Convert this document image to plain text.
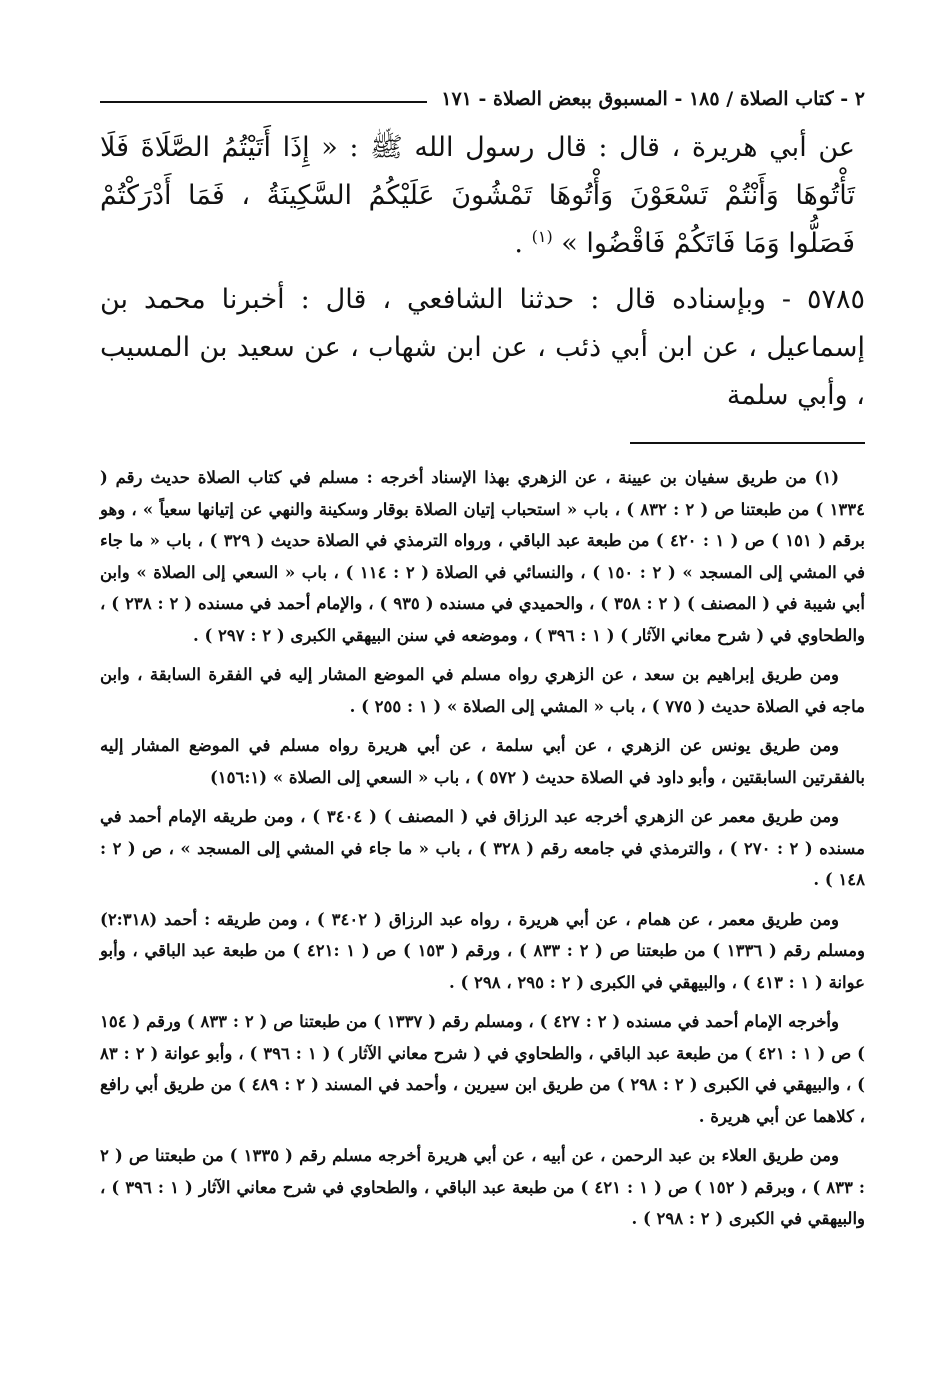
٢ - كتاب الصلاة / ١٨٥ - المسبوق ببعض الصلاة - ١٧١

عن أبي هريرة ، قال : قال رسول الله ﷺ : « إِذَا أَتَيْتُمُ الصَّلَاةَ فَلَا تَأْتُوهَا وَأَنْتُمْ تَسْعَوْنَ وَأْتُوهَا تَمْشُونَ عَلَيْكُمُ السَّكِينَةُ ، فَمَا أَدْرَكْتُمْ فَصَلُّوا وَمَا فَاتَكُمْ فَاقْضُوا » $^{(١)}$ .

٥٧٨٥ - وبإسناده قال : حدثنا الشافعي ، قال : أخبرنا محمد بن إسماعيل ، عن ابن أبي ذئب ، عن ابن شهاب ، عن سعيد بن المسيب ، وأبي سلمة

(١) من طريق سفيان بن عيينة ، عن الزهري بهذا الإسناد أخرجه : مسلم في كتاب الصلاة حديث رقم ( ١٣٣٤ ) من طبعتنا ص ( ٢ : ٨٣٢ ) ، باب « استحباب إتيان الصلاة بوقار وسكينة والنهي عن إتيانها سعياً » ، وهو برقم ( ١٥١ ) ص ( ١ : ٤٢٠ ) من طبعة عبد الباقي ، ورواه الترمذي في الصلاة حديث ( ٣٢٩ ) ، باب « ما جاء في المشي إلى المسجد » ( ٢ : ١٥٠ ) ، والنسائي في الصلاة ( ٢ : ١١٤ ) ، باب « السعي إلى الصلاة » وابن أبي شيبة في ( المصنف ) ( ٢ : ٣٥٨ ) ، والحميدي في مسنده ( ٩٣٥ ) ، والإمام أحمد في مسنده ( ٢ : ٢٣٨ ) ، والطحاوي في ( شرح معاني الآثار ) ( ١ : ٣٩٦ ) ، وموضعه في سنن البيهقي الكبرى ( ٢ : ٢٩٧ ) .

ومن طريق إبراهيم بن سعد ، عن الزهري رواه مسلم في الموضع المشار إليه في الفقرة السابقة ، وابن ماجه في الصلاة حديث ( ٧٧٥ ) ، باب « المشي إلى الصلاة » ( ١ : ٢٥٥ ) .

ومن طريق يونس عن الزهري ، عن أبي سلمة ، عن أبي هريرة رواه مسلم في الموضع المشار إليه بالفقرتين السابقتين ، وأبو داود في الصلاة حديث ( ٥٧٢ ) ، باب « السعي إلى الصلاة » (١٥٦:١)

ومن طريق معمر عن الزهري أخرجه عبد الرزاق في ( المصنف ) ( ٣٤٠٤ ) ، ومن طريقه الإمام أحمد في مسنده ( ٢ : ٢٧٠ ) ، والترمذي في جامعه رقم ( ٣٢٨ ) ، باب « ما جاء في المشي إلى المسجد » ، ص ( ٢ : ١٤٨ ) .

ومن طريق معمر ، عن همام ، عن أبي هريرة ، رواه عبد الرزاق ( ٣٤٠٢ ) ، ومن طريقه : أحمد (٢:٣١٨) ومسلم رقم ( ١٣٣٦ ) من طبعتنا ص ( ٢ : ٨٣٣ ) ، ورقم ( ١٥٣ ) ص ( ١ :٤٢١ ) من طبعة عبد الباقي ، وأبو عوانة ( ١ : ٤١٣ ) ، والبيهقي في الكبرى ( ٢ : ٢٩٥ ، ٢٩٨ ) .

وأخرجه الإمام أحمد في مسنده ( ٢ : ٤٢٧ ) ، ومسلم رقم ( ١٣٣٧ ) من طبعتنا ص ( ٢ : ٨٣٣ ) ورقم ( ١٥٤ ) ص ( ١ : ٤٢١ ) من طبعة عبد الباقي ، والطحاوي في ( شرح معاني الآثار ) ( ١ : ٣٩٦ ) ، وأبو عوانة ( ٢ : ٨٣ ) ، والبيهقي في الكبرى ( ٢ : ٢٩٨ ) من طريق ابن سيرين ، وأحمد في المسند ( ٢ : ٤٨٩ ) من طريق أبي رافع ، كلاهما عن أبي هريرة .

ومن طريق العلاء بن عبد الرحمن ، عن أبيه ، عن أبي هريرة أخرجه مسلم رقم ( ١٣٣٥ ) من طبعتنا ص ( ٢ : ٨٣٣ ) ، وبرقم ( ١٥٢ ) ص ( ١ : ٤٢١ ) من طبعة عبد الباقي ، والطحاوي في شرح معاني الآثار ( ١ : ٣٩٦ ) ، والبيهقي في الكبرى ( ٢ : ٢٩٨ ) .
